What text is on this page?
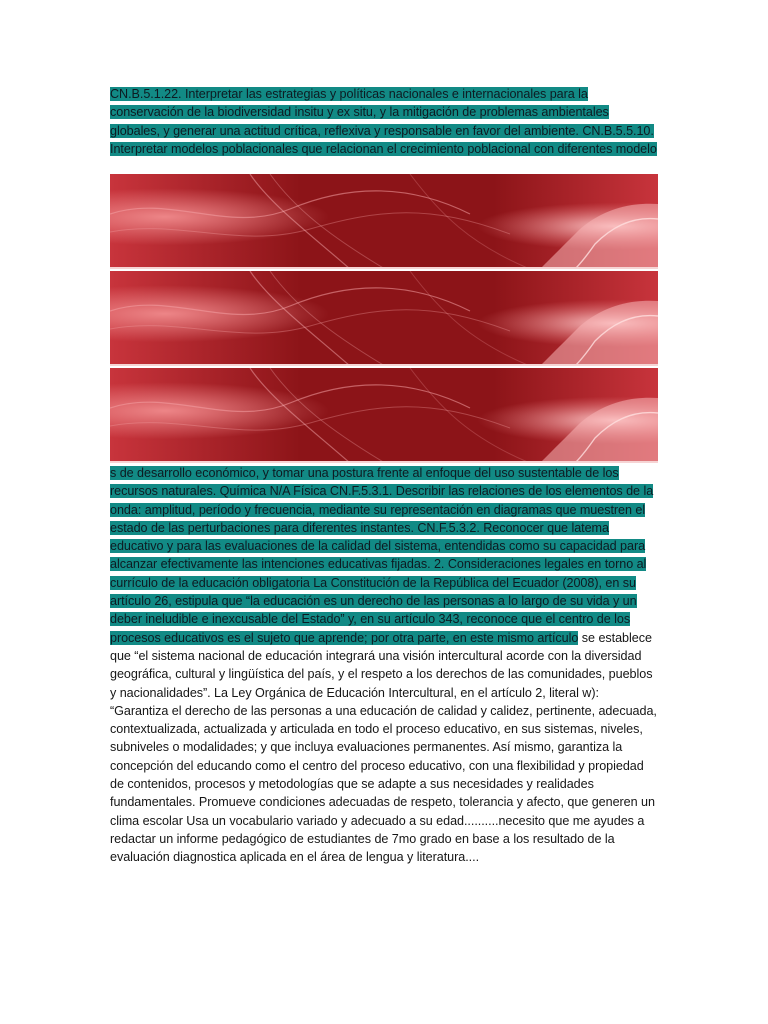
CN.B.5.1.22. Interpretar las estrategias y políticas nacionales e internacionales para la conservación de la biodiversidad insitu y ex situ, y la mitigación de problemas ambientales globales, y generar una actitud crítica, reflexiva y responsable en favor del ambiente. CN.B.5.5.10. Interpretar modelos poblacionales que relacionan el crecimiento poblacional con diferentes modelo
s de desarrollo económico, y tomar una postura frente al enfoque del uso sustentable de los recursos naturales. Química N/A Física CN.F.5.3.1. Describir las relaciones de los elementos de la onda: amplitud, período y frecuencia, mediante su representación en diagramas que muestren el estado de las perturbaciones para diferentes instantes. CN.F.5.3.2. Reconocer que latema educativo y para las evaluaciones de la calidad del sistema, entendidas como su capacidad para alcanzar efectivamente las intenciones educativas fijadas. 2. Consideraciones legales en torno al currículo de la educación obligatoria La Constitución de la República del Ecuador (2008), en su artículo 26, estipula que “la educación es un derecho de las personas a lo largo de su vida y un deber ineludible e inexcusable del Estado” y, en su artículo 343, reconoce que el centro de los procesos educativos es el sujeto que aprende; por otra parte, en este mismo artículo se establece que “el sistema nacional de educación integrará una visión intercultural acorde con la diversidad geográfica, cultural y lingüística del país, y el respeto a los derechos de las comunidades, pueblos y nacionalidades”. La Ley Orgánica de Educación Intercultural, en el artículo 2, literal w): “Garantiza el derecho de las personas a una educación de calidad y calidez, pertinente, adecuada, contextualizada, actualizada y articulada en todo el proceso educativo, en sus sistemas, niveles, subniveles o modalidades; y que incluya evaluaciones permanentes. Así mismo, garantiza la concepción del educando como el centro del proceso educativo, con una flexibilidad y propiedad de contenidos, procesos y metodologías que se adapte a sus necesidades y realidades fundamentales. Promueve condiciones adecuadas de respeto, tolerancia y afecto, que generen un clima escolar Usa un vocabulario variado y adecuado a su edad..........necesito que me ayudes a redactar un informe pedagógico de estudiantes de 7mo grado en base a los resultado de la evaluación diagnostica aplicada en el área de lengua y literatura....
